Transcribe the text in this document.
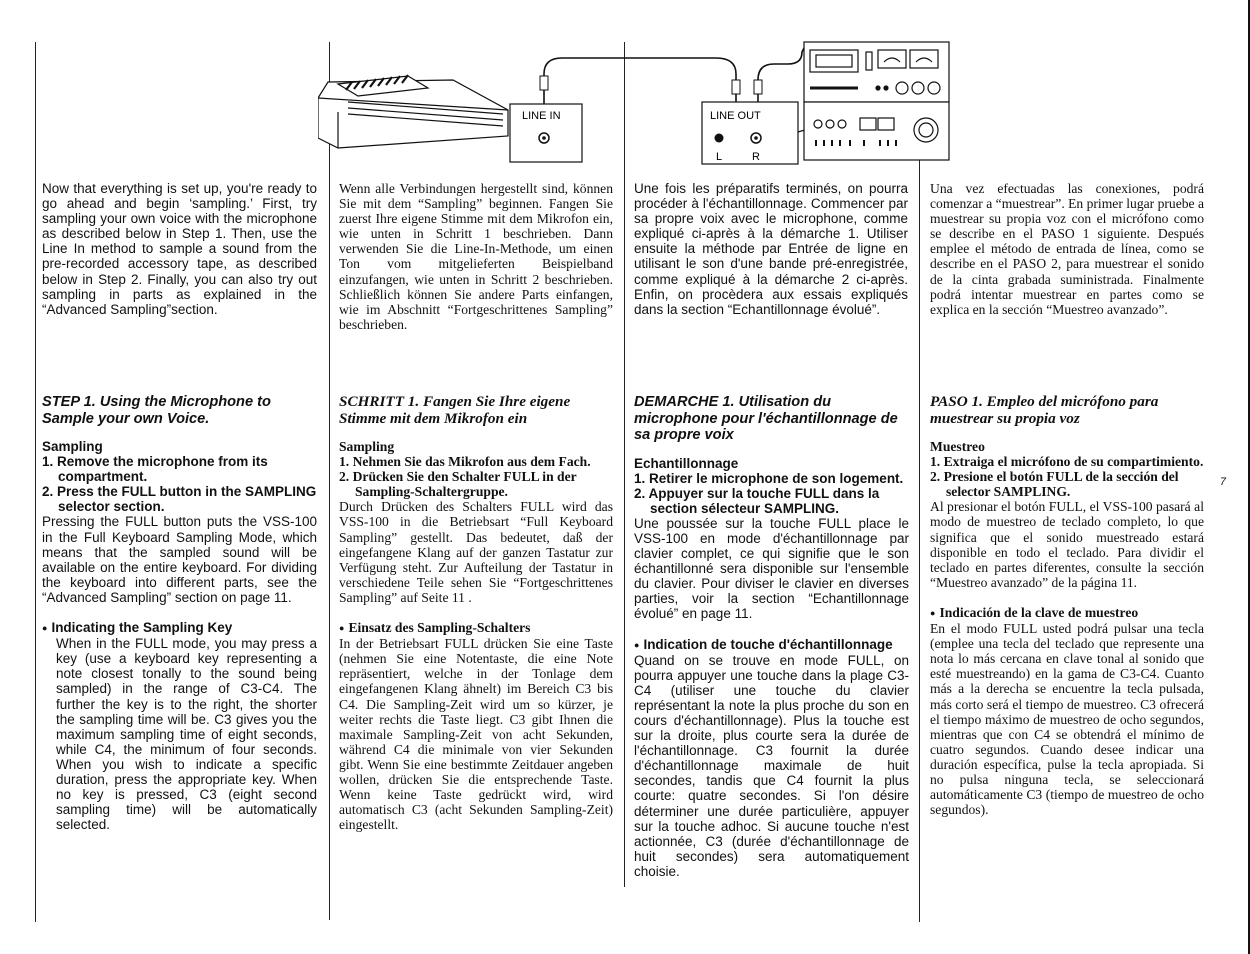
LINE IN	LINE OUT
L	R

Now that everything is set up, you're ready to go ahead and begin ‘sampling.’ First, try sampling your own voice with the microphone as described below in Step 1. Then, use the Line In method to sample a sound from the pre-recorded accessory tape, as described below in Step 2. Finally, you can also try out sampling in parts as explained in the “Advanced Sampling”section.

Wenn alle Verbindungen hergestellt sind, können Sie mit dem “Sampling” beginnen. Fangen Sie zuerst Ihre eigene Stimme mit dem Mikrofon ein, wie unten in Schritt 1 beschrieben. Dann verwenden Sie die Line-In-Methode, um einen Ton vom mitgelieferten Beispielband einzufangen, wie unten in Schritt 2 beschrieben. Schließlich können Sie andere Parts einfangen, wie im Abschnitt “Fortgeschrittenes Sampling” beschrieben.

Une fois les préparatifs terminés, on pourra procéder à l'échantillonnage. Commencer par sa propre voix avec le microphone, comme expliqué ci-après à la démarche 1. Utiliser ensuite la méthode par Entrée de ligne en utilisant le son d'une bande pré-enregistrée, comme expliqué à la démarche 2 ci-après. Enfin, on procèdera aux essais expliqués dans la section “Echantillonnage évolué”.

Una vez efectuadas las conexiones, podrá comenzar a “muestrear”. En primer lugar pruebe a muestrear su propia voz con el micrófono como se describe en el PASO 1 siguiente. Después emplee el método de entrada de línea, como se describe en el PASO 2, para muestrear el sonido de la cinta grabada suministrada. Finalmente podrá intentar muestrear en partes como se explica en la sección “Muestreo avanzado”.

STEP 1. Using the Microphone to Sample your own Voice.
Sampling
1. Remove the microphone from its compartment.
2. Press the FULL button in the SAMPLING selector section.

Pressing the FULL button puts the VSS-100 in the Full Keyboard Sampling Mode, which means that the sampled sound will be available on the entire keyboard. For dividing the keyboard into different parts, see the “Advanced Sampling” section on page 11.

● Indicating the Sampling Key

When in the FULL mode, you may press a key (use a keyboard key representing a note closest tonally to the sound being sampled) in the range of C3-C4. The further the key is to the right, the shorter the sampling time will be. C3 gives you the maximum sampling time of eight seconds, while C4, the minimum of four seconds. When you wish to indicate a specific duration, press the appropriate key. When no key is pressed, C3 (eight second sampling time) will be automatically selected.

SCHRITT 1. Fangen Sie Ihre eigene Stimme mit dem Mikrofon ein
Sampling
1. Nehmen Sie das Mikrofon aus dem Fach.
2. Drücken Sie den Schalter FULL in der Sampling-Schaltergruppe.

Durch Drücken des Schalters FULL wird das VSS-100 in die Betriebsart “Full Keyboard Sampling” gestellt. Das bedeutet, daß der eingefangene Klang auf der ganzen Tastatur zur Verfügung steht. Zur Aufteilung der Tastatur in verschiedene Teile sehen Sie “Fortgeschrittenes Sampling” auf Seite 11 .

● Einsatz des Sampling-Schalters

In der Betriebsart FULL drücken Sie eine Taste (nehmen Sie eine Notentaste, die eine Note repräsentiert, welche in der Tonlage dem eingefangenen Klang ähnelt) im Bereich C3 bis C4. Die Sampling-Zeit wird um so kürzer, je weiter rechts die Taste liegt. C3 gibt Ihnen die maximale Sampling-Zeit von acht Sekunden, während C4 die minimale von vier Sekunden gibt. Wenn Sie eine bestimmte Zeitdauer angeben wollen, drücken Sie die entsprechende Taste. Wenn keine Taste gedrückt wird, wird automatisch C3 (acht Sekunden Sampling-Zeit) eingestellt.

DEMARCHE 1. Utilisation du microphone pour l'échantillonnage de sa propre voix
Echantillonnage
1. Retirer le microphone de son logement.
2. Appuyer sur la touche FULL dans la section sélecteur SAMPLING.

Une poussée sur la touche FULL place le VSS-100 en mode d'échantillonnage par clavier complet, ce qui signifie que le son échantillonné sera disponible sur l'ensemble du clavier. Pour diviser le clavier en diverses parties, voir la section “Echantillonnage évolué” en page 11.

● Indication de touche d'échantillonnage

Quand on se trouve en mode FULL, on pourra appuyer une touche dans la plage C3-C4 (utiliser une touche du clavier représentant la note la plus proche du son en cours d'échantillonnage). Plus la touche est sur la droite, plus courte sera la durée de l'échantillonnage. C3 fournit la durée d'échantillonnage maximale de huit secondes, tandis que C4 fournit la plus courte: quatre secondes. Si l'on désire déterminer une durée particulière, appuyer sur la touche adhoc. Si aucune touche n'est actionnée, C3 (durée d'échantillonnage de huit secondes) sera automatiquement choisie.

PASO 1. Empleo del micrófono para muestrear su propia voz
Muestreo
1. Extraiga el micrófono de su compartimiento.
2. Presione el botón FULL de la sección del selector SAMPLING.

Al presionar el botón FULL, el VSS-100 pasará al modo de muestreo de teclado completo, lo que significa que el sonido muestreado estará disponible en todo el teclado. Para dividir el teclado en partes diferentes, consulte la sección “Muestreo avanzado” de la página 11.

● Indicación de la clave de muestreo

En el modo FULL usted podrá pulsar una tecla (emplee una tecla del teclado que represente una nota lo más cercana en clave tonal al sonido que esté muestreando) en la gama de C3-C4. Cuanto más a la derecha se encuentre la tecla pulsada, más corto será el tiempo de muestreo. C3 ofrecerá el tiempo máximo de muestreo de ocho segundos, mientras que con C4 se obtendrá el mínimo de cuatro segundos. Cuando desee indicar una duración específica, pulse la tecla apropiada. Si no pulsa ninguna tecla, se seleccionará automáticamente C3 (tiempo de muestreo de ocho segundos).

7
